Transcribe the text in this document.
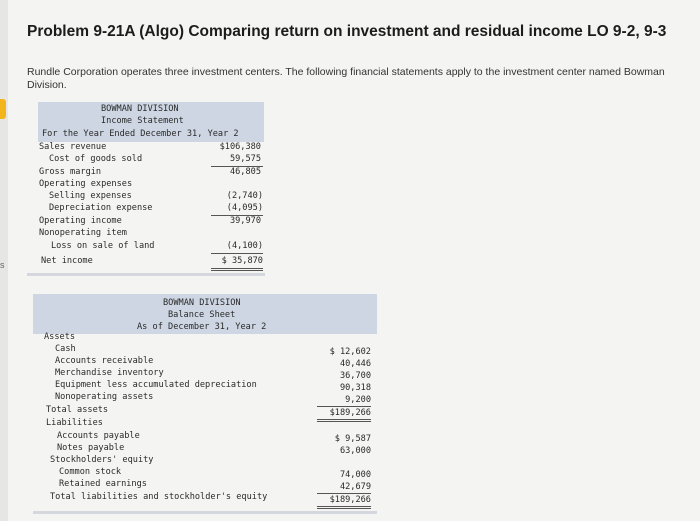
s
Problem 9-21A (Algo) Comparing return on investment and residual income LO 9-2, 9-3
Rundle Corporation operates three investment centers. The following financial statements apply to the investment center named Bowman Division.
BOWMAN DIVISION
Income Statement
For the Year Ended December 31, Year 2
Sales revenue	$106,380
Cost of goods sold	59,575
Gross margin	46,805
Operating expenses
Selling expenses	(2,740)
Depreciation expense	(4,095)
Operating income	39,970
Nonoperating item
Loss on sale of land	(4,100)
Net income	$ 35,870
BOWMAN DIVISION
Balance Sheet
As of December 31, Year 2
Assets
Cash	$ 12,602
Accounts receivable	40,446
Merchandise inventory	36,700
Equipment less accumulated depreciation	90,318
Nonoperating assets	9,200
Total assets	$189,266
Liabilities
Accounts payable	$ 9,587
Notes payable	63,000
Stockholders' equity
Common stock	74,000
Retained earnings	42,679
Total liabilities and stockholder's equity	$189,266
